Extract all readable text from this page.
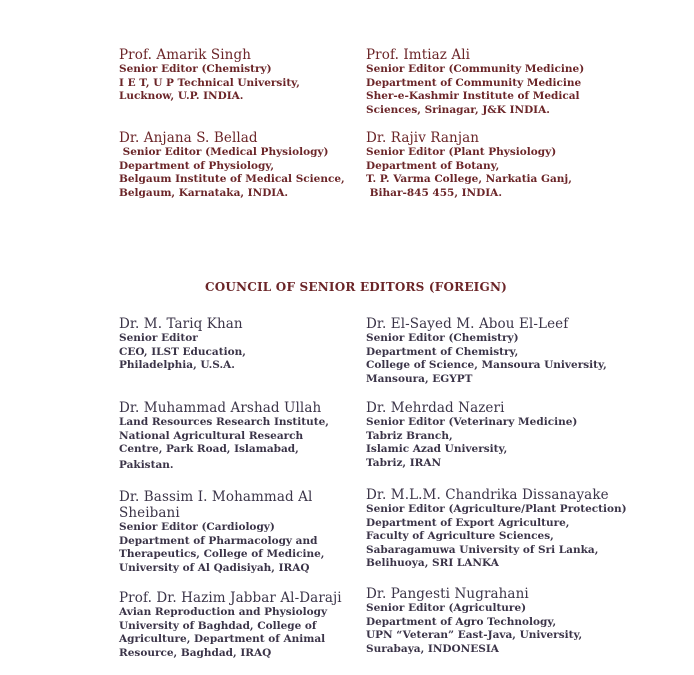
Prof. Amarik Singh
Senior Editor (Chemistry)
I E T, U P Technical University,
Lucknow, U.P. INDIA.
Prof. Imtiaz Ali
Senior Editor (Community Medicine)
Department of Community Medicine
Sher-e-Kashmir Institute of Medical
Sciences, Srinagar, J&K INDIA.
Dr. Anjana S. Bellad
Senior Editor (Medical Physiology)
Department of Physiology,
Belgaum Institute of Medical Science,
Belgaum, Karnataka, INDIA.
Dr. Rajiv Ranjan
Senior Editor (Plant Physiology)
Department of Botany,
T. P. Varma College, Narkatia Ganj,
Bihar-845 455, INDIA.
COUNCIL OF SENIOR EDITORS (FOREIGN)
Dr. M. Tariq Khan
Senior Editor
CEO, ILST Education,
Philadelphia, U.S.A.
Dr. El-Sayed M. Abou El-Leef
Senior Editor (Chemistry)
Department of Chemistry,
College of Science, Mansoura University,
Mansoura, EGYPT
Dr. Muhammad Arshad Ullah
Land Resources Research Institute,
National Agricultural Research
Centre, Park Road, Islamabad,
Pakistan.
Dr. Mehrdad Nazeri
Senior Editor (Veterinary Medicine)
Tabriz Branch,
Islamic Azad University,
Tabriz, IRAN
Dr. Bassim I. Mohammad Al
Sheibani
Senior Editor (Cardiology)
Department of Pharmacology and
Therapeutics, College of Medicine,
University of Al Qadisiyah, IRAQ
Dr. M.L.M. Chandrika Dissanayake
Senior Editor (Agriculture/Plant Protection)
Department of Export Agriculture,
Faculty of Agriculture Sciences,
Sabaragamuwa University of Sri Lanka,
Belihuoya, SRI LANKA
Prof. Dr. Hazim Jabbar Al-Daraji
Avian Reproduction and Physiology
University of Baghdad, College of
Agriculture, Department of Animal
Resource, Baghdad, IRAQ
Dr. Pangesti Nugrahani
Senior Editor (Agriculture)
Department of Agro Technology,
UPN “Veteran” East-Java, University,
Surabaya, INDONESIA
